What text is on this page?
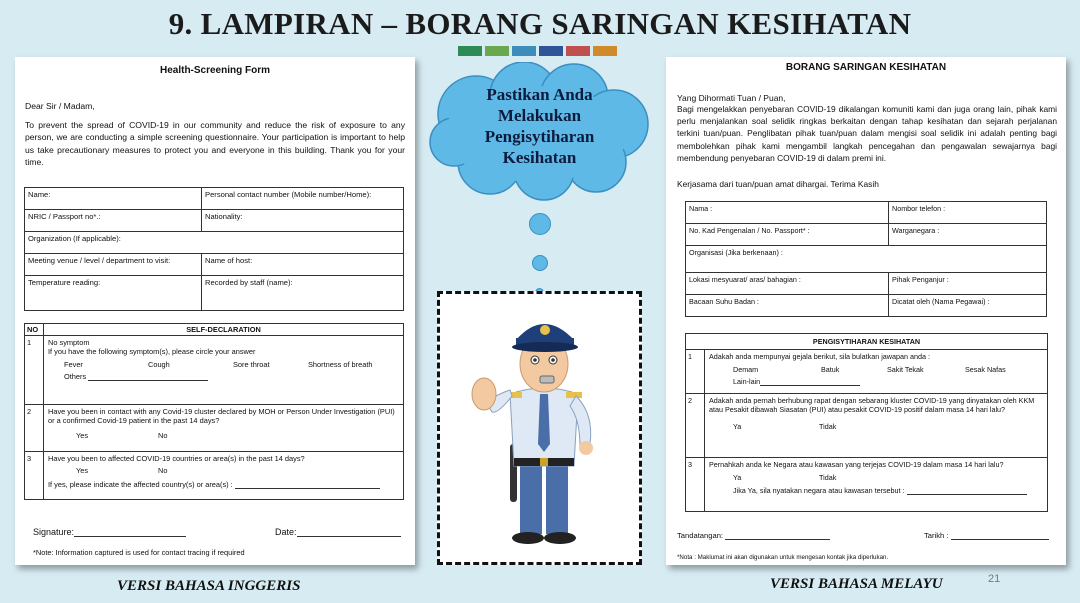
9. LAMPIRAN – BORANG SARINGAN KESIHATAN
Health-Screening Form

Dear Sir / Madam,

To prevent the spread of COVID-19 in our community and reduce the risk of exposure to any person, we are conducting a simple screening questionnaire. Your participation is important to help us take precautionary measures to protect you and everyone in this building. Thank you for your time.

Name:	Personal contact number (Mobile number/Home):
NRIC / Passport no*.:	Nationality:
Organization (If applicable):	
Meeting venue / level / department to visit:	Name of host:
Temperature reading:	Recorded by staff (name):
NO	SELF-DECLARATION
1	No symptom
If you have the following symptom(s), please circle your answer
Fever	Cough	Sore throat	Shortness of breath
Others
2	Have you been in contact with any Covid-19 cluster declared by MOH or Person Under Investigation (PUI) or a confirmed Covid-19 patient in the past 14 days?
Yes	No
3	Have you been to affected COVID-19 countries or area(s) in the past 14 days?
Yes	No
If yes, please indicate the affected country(s) or area(s) :
Signature:	Date:
*Note: Information captured is used for contact tracing if required
BORANG SARINGAN KESIHATAN

Yang Dihormati Tuan / Puan,

Bagi mengelakkan penyebaran COVID-19 dikalangan komuniti kami dan juga orang lain, pihak kami perlu menjalankan soal selidik ringkas berkaitan dengan tahap kesihatan dan sejarah perjalanan terkini tuan/puan. Penglibatan pihak tuan/puan dalam mengisi soal selidik ini adalah penting bagi membolehkan pihak kami mengambil langkah pencegahan dan pengawalan sewajarnya bagi membendung penyebaran COVID-19 di dalam premi ini.

Kerjasama dari tuan/puan amat dihargai. Terima Kasih

Nama :	Nombor telefon :
No. Kad Pengenalan / No. Passport* :	Warganegara :
Organisasi (Jika berkenaan) :	
Lokasi mesyuarat/ aras/ bahagian :	Pihak Penganjur :
Bacaan Suhu Badan :	Dicatat oleh (Nama Pegawai) :
PENGISYTIHARAN KESIHATAN
1	Adakah anda mempunyai gejala berikut, sila bulatkan jawapan anda :
Demam	Batuk	Sakit Tekak	Sesak Nafas
Lain-lain
2	Adakah anda pernah berhubung rapat dengan sebarang kluster COVID-19 yang dinyatakan oleh KKM atau Pesakit dibawah Siasatan (PUI) atau pesakit COVID-19 positif dalam masa 14 hari lalu?
Ya	Tidak
3	Pernahkah anda ke Negara atau kawasan yang terjejas COVID-19 dalam masa 14 hari lalu?
Ya	Tidak
Jika Ya, sila nyatakan negara atau kawasan tersebut :
Tandatangan:	Tarikh :
*Nota : Maklumat ini akan digunakan untuk mengesan kontak jika diperlukan.
Pastikan Anda
Melakukan
Pengisytiharan
Kesihatan
VERSI BAHASA INGGERIS	VERSI BAHASA MELAYU	21
